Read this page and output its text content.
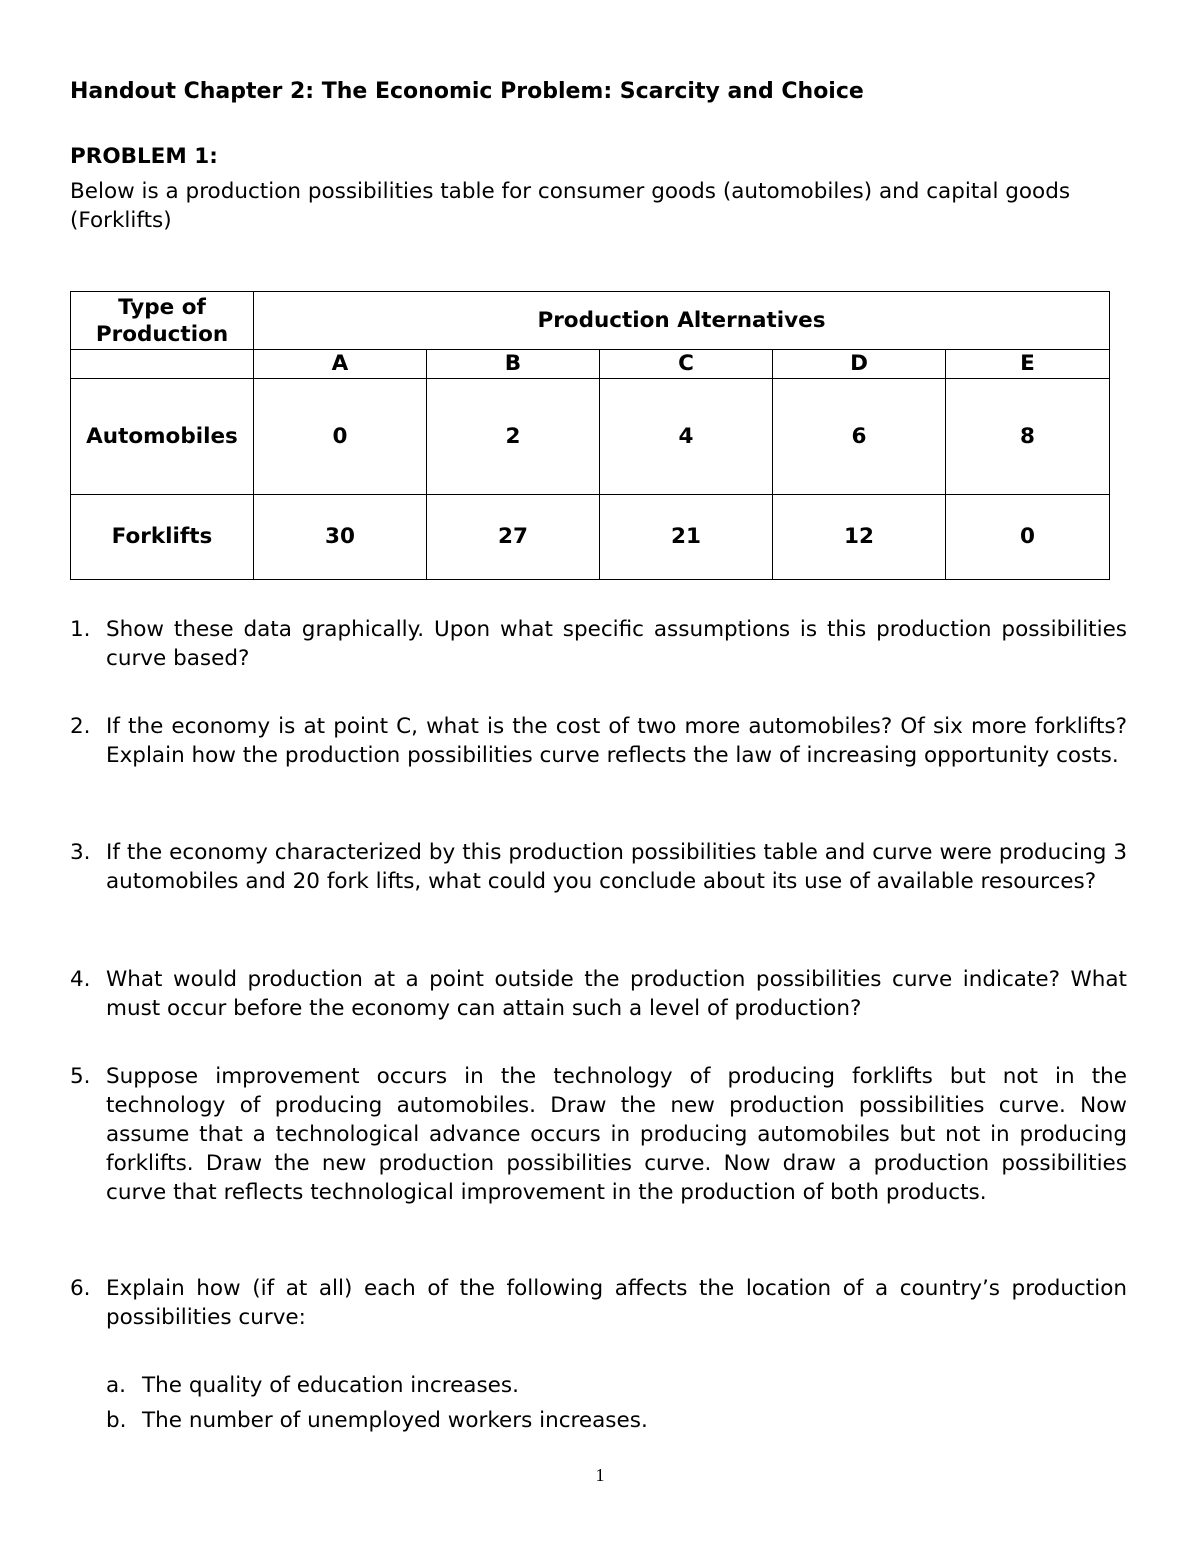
Handout Chapter 2: The Economic Problem: Scarcity and Choice
PROBLEM 1:
Below is a production possibilities table for consumer goods (automobiles) and capital goods (Forklifts)
Type of Production	Production Alternatives				
	A	B	C	D	E
Automobiles	0	2	4	6	8
Forklifts	30	27	21	12	0
1. Show these data graphically. Upon what specific assumptions is this production possibilities curve based?
2. If the economy is at point C, what is the cost of two more automobiles? Of six more forklifts? Explain how the production possibilities curve reflects the law of increasing opportunity costs.
3. If the economy characterized by this production possibilities table and curve were producing 3 automobiles and 20 fork lifts, what could you conclude about its use of available resources?
4. What would production at a point outside the production possibilities curve indicate? What must occur before the economy can attain such a level of production?
5. Suppose improvement occurs in the technology of producing forklifts but not in the technology of producing automobiles. Draw the new production possibilities curve. Now assume that a technological advance occurs in producing automobiles but not in producing forklifts. Draw the new production possibilities curve. Now draw a production possibilities curve that reflects technological improvement in the production of both products.
6. Explain how (if at all) each of the following affects the location of a country’s production possibilities curve:
a. The quality of education increases.
b. The number of unemployed workers increases.
1
